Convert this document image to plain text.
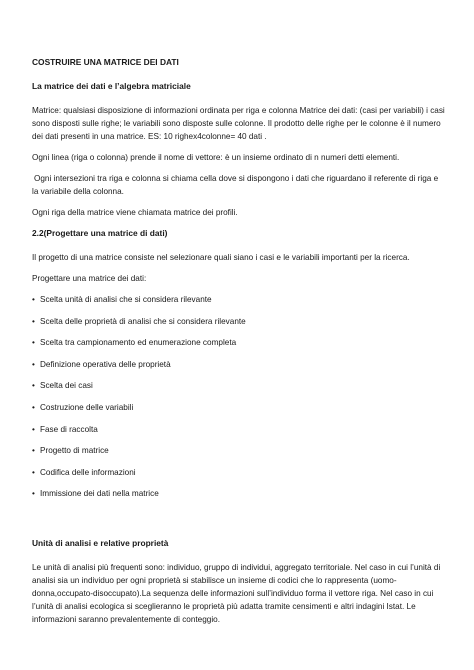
COSTRUIRE UNA MATRICE DEI DATI
La matrice dei dati e l’algebra matriciale

Matrice: qualsiasi disposizione di informazioni ordinata per riga e colonna Matrice dei dati: (casi per variabili) i casi sono disposti sulle righe; le variabili sono disposte sulle colonne. Il prodotto delle righe per le colonne è il numero dei dati presenti in una matrice. ES: 10 righex4colonne= 40 dati .

Ogni linea (riga o colonna) prende il nome di vettore: è un insieme ordinato di n numeri detti elementi.

Ogni intersezioni tra riga e colonna si chiama cella dove si dispongono i dati che riguardano il referente di riga e la variabile della colonna.

Ogni riga della matrice viene chiamata matrice dei profili.

2.2(Progettare una matrice di dati)

Il progetto di una matrice consiste nel selezionare quali siano i casi e le variabili importanti per la ricerca.

Progettare una matrice dei dati:

• Scelta unità di analisi che si considera rilevante
• Scelta delle proprietà di analisi che si considera rilevante
• Scelta tra campionamento ed enumerazione completa
• Definizione operativa delle proprietà
• Scelta dei casi
• Costruzione delle variabili
• Fase di raccolta
• Progetto di matrice
• Codifica delle informazioni
• Immissione dei dati nella matrice
Unità di analisi e relative proprietà

Le unità di analisi più frequenti sono: individuo, gruppo di individui, aggregato territoriale. Nel caso in cui l’unità di analisi sia un individuo per ogni proprietà si stabilisce un insieme di codici che lo rappresenta (uomo-donna,occupato-disoccupato).La sequenza delle informazioni sull’individuo forma il vettore riga. Nel caso in cui l’unità di analisi ecologica si sceglieranno le proprietà più adatta tramite censimenti e altri indagini Istat. Le informazioni saranno prevalentemente di conteggio.
